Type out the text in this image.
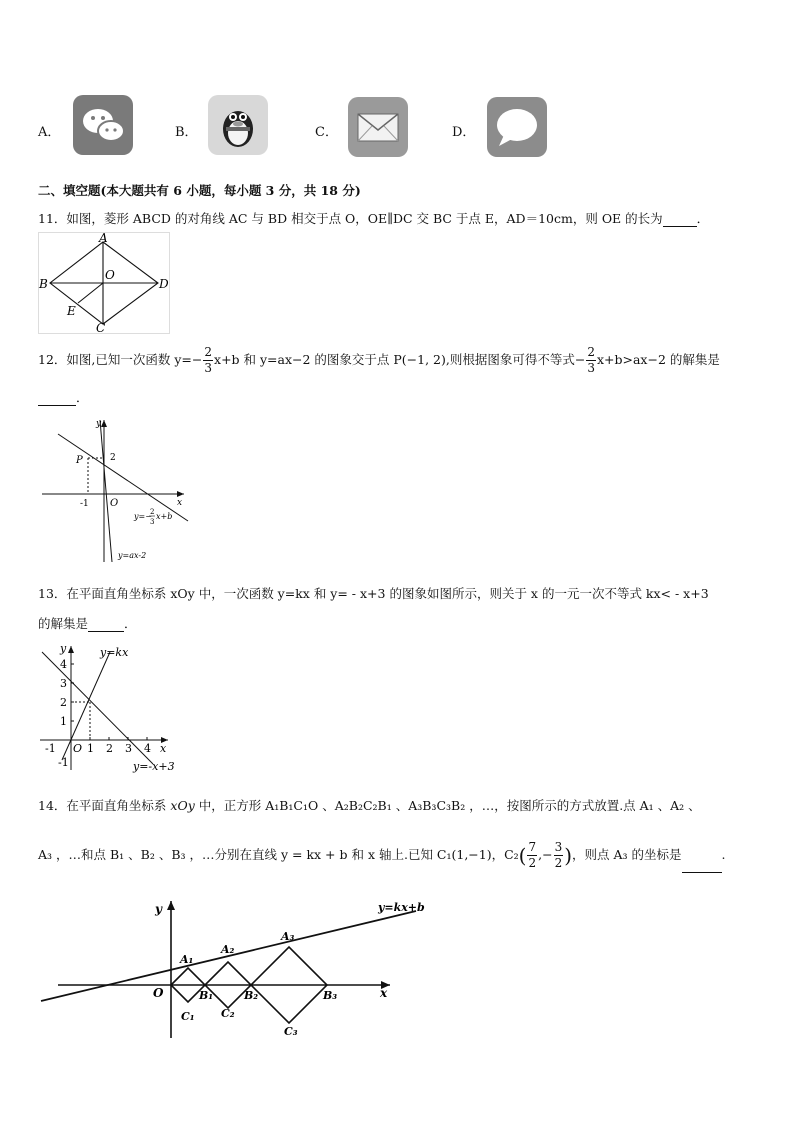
A．	B．	C．	D．
二、填空题(本大题共有 6 小题，每小题 3 分，共 18 分)
11．如图，菱形 ABCD 的对角线 AC 与 BD 相交于点 O，OE∥DC 交 BC 于点 E，AD＝10cm，则 OE 的长为	．
A
B	D
O
E
C
12．如图,已知一次函数 $y=- \frac{2}{3} x+b$ 和 y=ax−2 的图象交于点 P(−1, 2),则根据图象可得不等式− $\frac{2}{3} x+b>ax-2$ 的解集是
．
P	2
-1 O	x
y
y=−
2
3
x+b
y=ax-2
13．在平面直角坐标系 xOy 中，一次函数 y=kx 和 y= - x+3 的图象如图所示，则关于 x 的一元一次不等式 kx< - x+3
的解集是	．
y
x
4
3
2
1
-1
-1 O 1 2 3 4
y=kx
y=-x+3
14．在平面直角坐标系 xOy 中，正方形 A₁B₁C₁O 、A₂B₂C₂B₁ 、A₃B₃C₃B₂ ，…，按图所示的方式放置.点 A₁ 、A₂ 、
A₃ ，…和点 B₁ 、B₂ 、B₃ ，…分别在直线 y = kx + b 和 x 轴上.已知 C₁(1,−1)，$C_2( \frac{7}{2}$ ,− $\frac{3}{2}$ )，则点 A₃ 的坐标是	.
y
x
O
y=kx+b
A₁
A₂
A₃
B₁	B₂	B₃
C₁ C₂
C₃
